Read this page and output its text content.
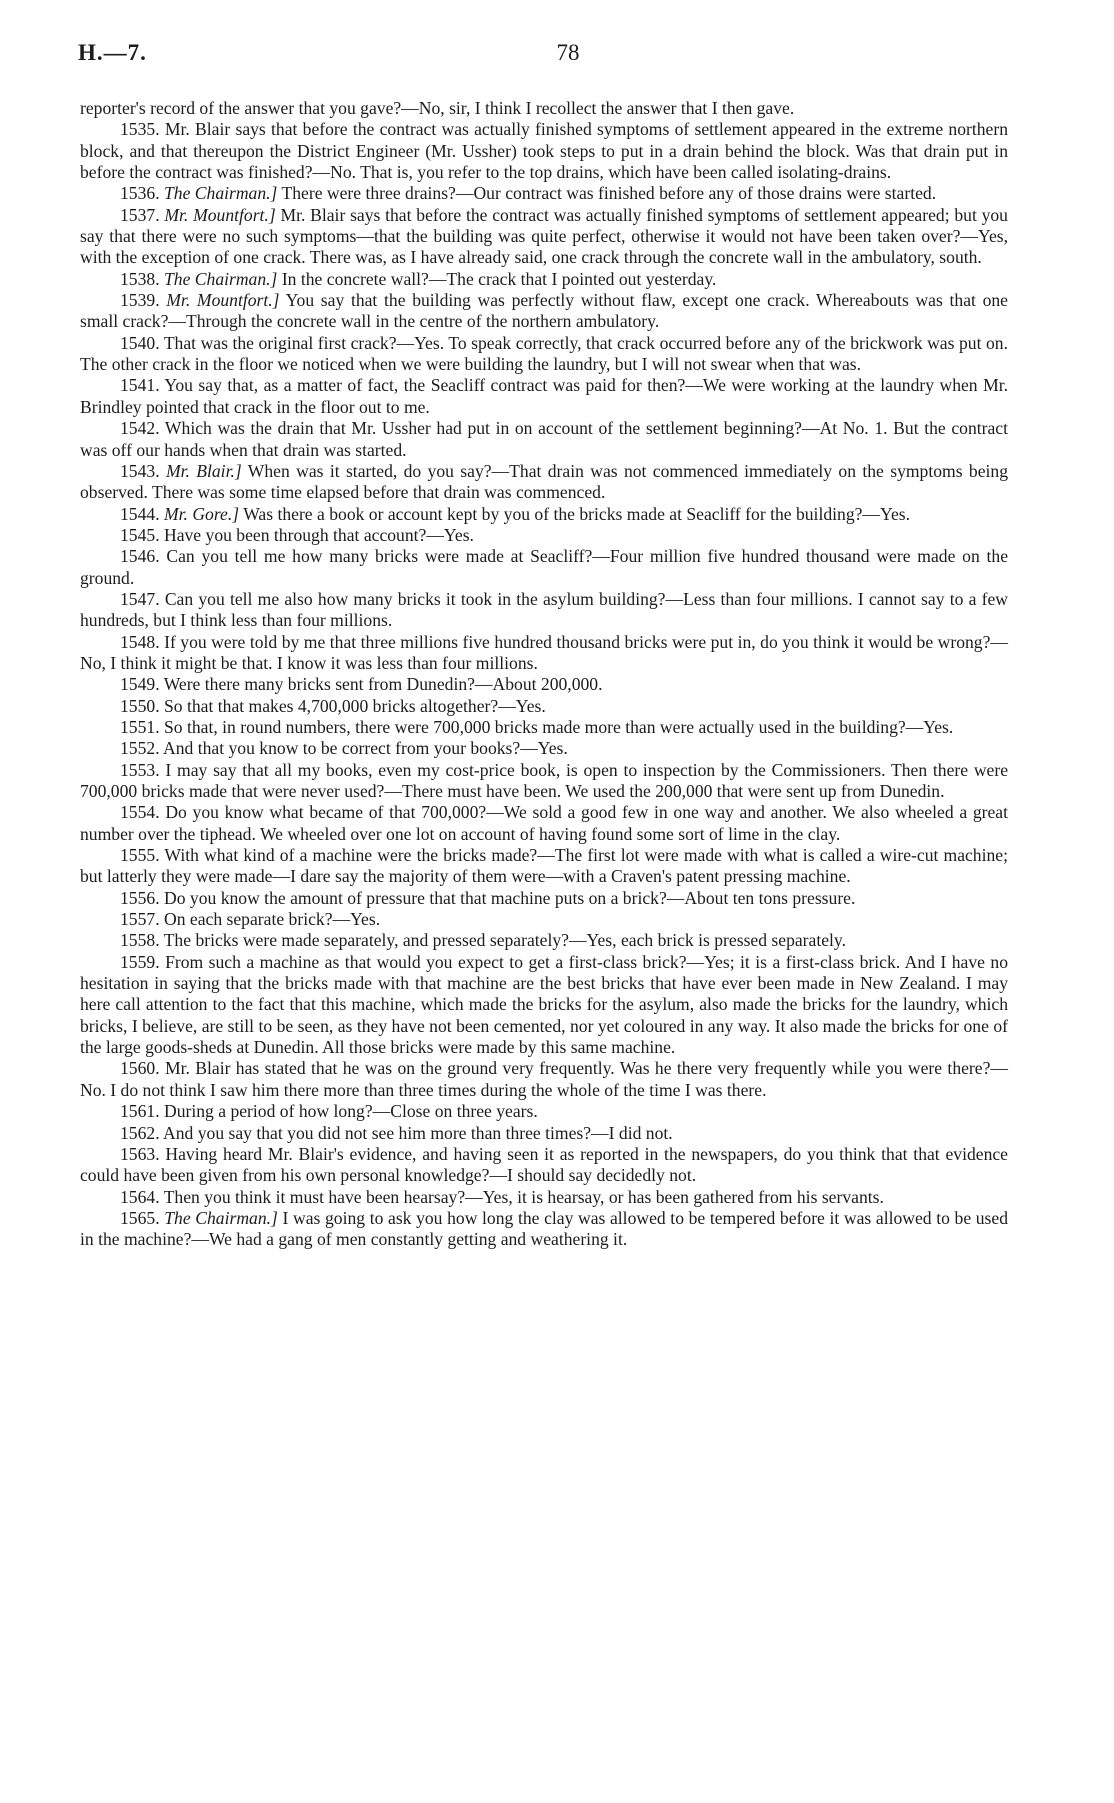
H.—7.	78

reporter's record of the answer that you gave?—No, sir, I think I recollect the answer that I then gave.

1535. Mr. Blair says that before the contract was actually finished symptoms of settlement appeared in the extreme northern block, and that thereupon the District Engineer (Mr. Ussher) took steps to put in a drain behind the block. Was that drain put in before the contract was finished?—No. That is, you refer to the top drains, which have been called isolating-drains.

1536. The Chairman.] There were three drains?—Our contract was finished before any of those drains were started.

1537. Mr. Mountfort.] Mr. Blair says that before the contract was actually finished symptoms of settlement appeared; but you say that there were no such symptoms—that the building was quite perfect, otherwise it would not have been taken over?—Yes, with the exception of one crack. There was, as I have already said, one crack through the concrete wall in the ambulatory, south.

1538. The Chairman.] In the concrete wall?—The crack that I pointed out yesterday.

1539. Mr. Mountfort.] You say that the building was perfectly without flaw, except one crack. Whereabouts was that one small crack?—Through the concrete wall in the centre of the northern ambulatory.

1540. That was the original first crack?—Yes. To speak correctly, that crack occurred before any of the brickwork was put on. The other crack in the floor we noticed when we were building the laundry, but I will not swear when that was.

1541. You say that, as a matter of fact, the Seacliff contract was paid for then?—We were working at the laundry when Mr. Brindley pointed that crack in the floor out to me.

1542. Which was the drain that Mr. Ussher had put in on account of the settlement beginning?—At No. 1. But the contract was off our hands when that drain was started.

1543. Mr. Blair.] When was it started, do you say?—That drain was not commenced immediately on the symptoms being observed. There was some time elapsed before that drain was commenced.

1544. Mr. Gore.] Was there a book or account kept by you of the bricks made at Seacliff for the building?—Yes.

1545. Have you been through that account?—Yes.

1546. Can you tell me how many bricks were made at Seacliff?—Four million five hundred thousand were made on the ground.

1547. Can you tell me also how many bricks it took in the asylum building?—Less than four millions. I cannot say to a few hundreds, but I think less than four millions.

1548. If you were told by me that three millions five hundred thousand bricks were put in, do you think it would be wrong?—No, I think it might be that. I know it was less than four millions.

1549. Were there many bricks sent from Dunedin?—About 200,000.

1550. So that that makes 4,700,000 bricks altogether?—Yes.

1551. So that, in round numbers, there were 700,000 bricks made more than were actually used in the building?—Yes.

1552. And that you know to be correct from your books?—Yes.

1553. I may say that all my books, even my cost-price book, is open to inspection by the Commissioners. Then there were 700,000 bricks made that were never used?—There must have been. We used the 200,000 that were sent up from Dunedin.

1554. Do you know what became of that 700,000?—We sold a good few in one way and another. We also wheeled a great number over the tiphead. We wheeled over one lot on account of having found some sort of lime in the clay.

1555. With what kind of a machine were the bricks made?—The first lot were made with what is called a wire-cut machine; but latterly they were made—I dare say the majority of them were—with a Craven's patent pressing machine.

1556. Do you know the amount of pressure that that machine puts on a brick?—About ten tons pressure.

1557. On each separate brick?—Yes.

1558. The bricks were made separately, and pressed separately?—Yes, each brick is pressed separately.

1559. From such a machine as that would you expect to get a first-class brick?—Yes; it is a first-class brick. And I have no hesitation in saying that the bricks made with that machine are the best bricks that have ever been made in New Zealand. I may here call attention to the fact that this machine, which made the bricks for the asylum, also made the bricks for the laundry, which bricks, I believe, are still to be seen, as they have not been cemented, nor yet coloured in any way. It also made the bricks for one of the large goods-sheds at Dunedin. All those bricks were made by this same machine.

1560. Mr. Blair has stated that he was on the ground very frequently. Was he there very frequently while you were there?—No. I do not think I saw him there more than three times during the whole of the time I was there.

1561. During a period of how long?—Close on three years.

1562. And you say that you did not see him more than three times?—I did not.

1563. Having heard Mr. Blair's evidence, and having seen it as reported in the newspapers, do you think that that evidence could have been given from his own personal knowledge?—I should say decidedly not.

1564. Then you think it must have been hearsay?—Yes, it is hearsay, or has been gathered from his servants.

1565. The Chairman.] I was going to ask you how long the clay was allowed to be tempered before it was allowed to be used in the machine?—We had a gang of men constantly getting and weathering it.
